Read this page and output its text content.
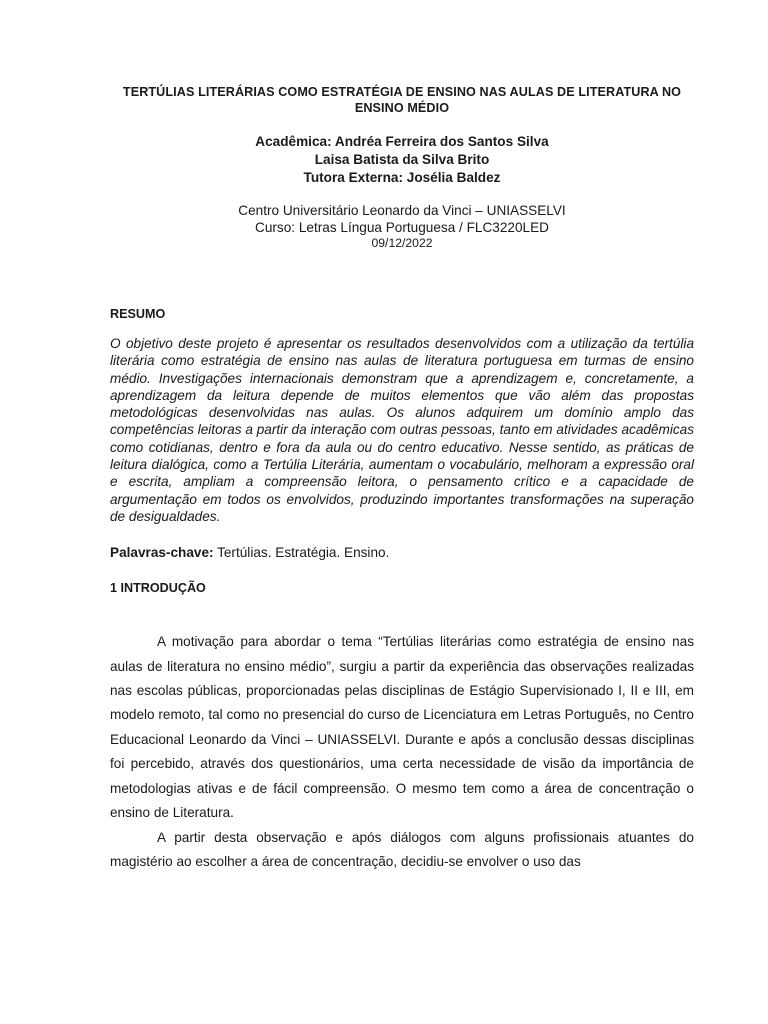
TERTÚLIAS LITERÁRIAS COMO ESTRATÉGIA DE ENSINO NAS AULAS DE LITERATURA NO ENSINO MÉDIO
Acadêmica: Andréa Ferreira dos Santos Silva
Laisa Batista da Silva Brito
Tutora Externa: Josélia Baldez
Centro Universitário Leonardo da Vinci – UNIASSELVI
Curso: Letras Língua Portuguesa / FLC3220LED
09/12/2022
RESUMO
O objetivo deste projeto é apresentar os resultados desenvolvidos com a utilização da tertúlia literária como estratégia de ensino nas aulas de literatura portuguesa em turmas de ensino médio. Investigações internacionais demonstram que a aprendizagem e, concretamente, a aprendizagem da leitura depende de muitos elementos que vão além das propostas metodológicas desenvolvidas nas aulas. Os alunos adquirem um domínio amplo das competências leitoras a partir da interação com outras pessoas, tanto em atividades acadêmicas como cotidianas, dentro e fora da aula ou do centro educativo. Nesse sentido, as práticas de leitura dialógica, como a Tertúlia Literária, aumentam o vocabulário, melhoram a expressão oral e escrita, ampliam a compreensão leitora, o pensamento crítico e a capacidade de argumentação em todos os envolvidos, produzindo importantes transformações na superação de desigualdades.
Palavras-chave: Tertúlias. Estratégia. Ensino.
1 INTRODUÇÃO

A motivação para abordar o tema “Tertúlias literárias como estratégia de ensino nas aulas de literatura no ensino médio”, surgiu a partir da experiência das observações realizadas nas escolas públicas, proporcionadas pelas disciplinas de Estágio Supervisionado I, II e III, em modelo remoto, tal como no presencial do curso de Licenciatura em Letras Português, no Centro Educacional Leonardo da Vinci – UNIASSELVI. Durante e após a conclusão dessas disciplinas foi percebido, através dos questionários, uma certa necessidade de visão da importância de metodologias ativas e de fácil compreensão. O mesmo tem como a área de concentração o ensino de Literatura.

A partir desta observação e após diálogos com alguns profissionais atuantes do magistério ao escolher a área de concentração, decidiu-se envolver o uso das
